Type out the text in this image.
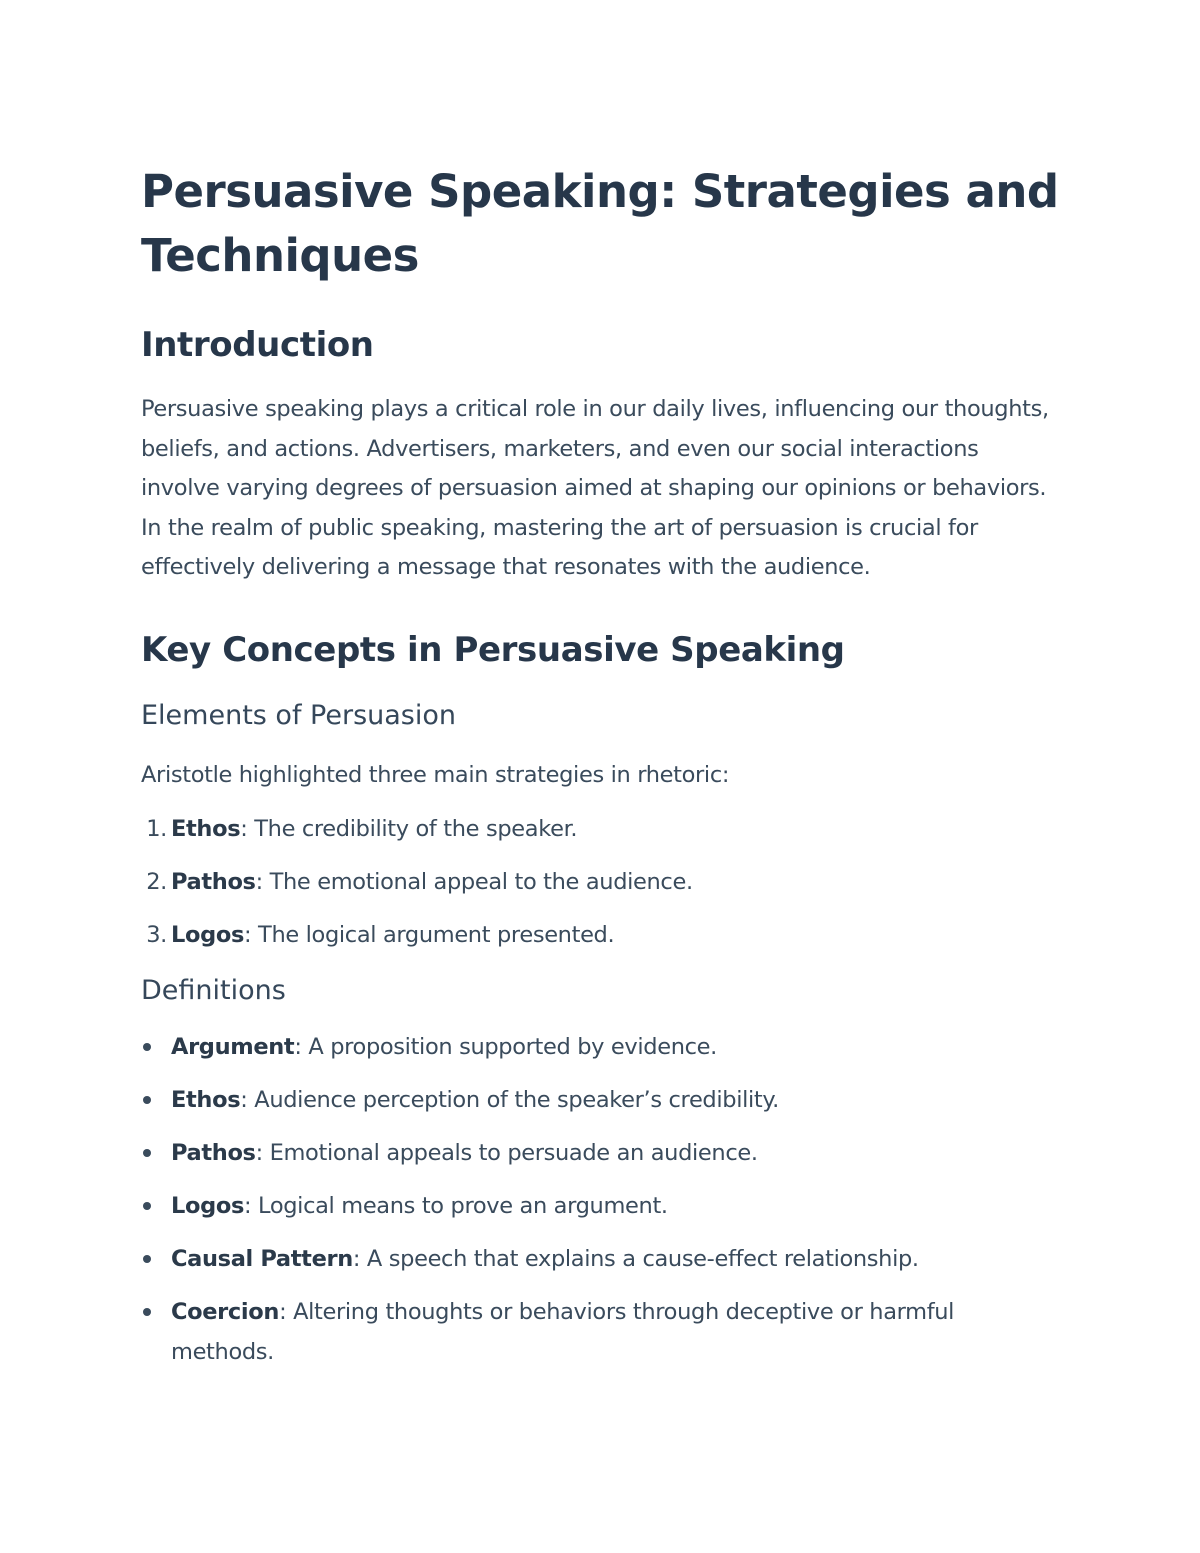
Persuasive Speaking: Strategies and Techniques
Introduction

Persuasive speaking plays a critical role in our daily lives, influencing our thoughts, beliefs, and actions. Advertisers, marketers, and even our social interactions involve varying degrees of persuasion aimed at shaping our opinions or behaviors. In the realm of public speaking, mastering the art of persuasion is crucial for effectively delivering a message that resonates with the audience.

Key Concepts in Persuasive Speaking
Elements of Persuasion

Aristotle highlighted three main strategies in rhetoric:

1. Ethos: The credibility of the speaker.
2. Pathos: The emotional appeal to the audience.
3. Logos: The logical argument presented.
Definitions
Argument: A proposition supported by evidence.
Ethos: Audience perception of the speaker’s credibility.
Pathos: Emotional appeals to persuade an audience.
Logos: Logical means to prove an argument.
Causal Pattern: A speech that explains a cause-effect relationship.
Coercion: Altering thoughts or behaviors through deceptive or harmful methods.
